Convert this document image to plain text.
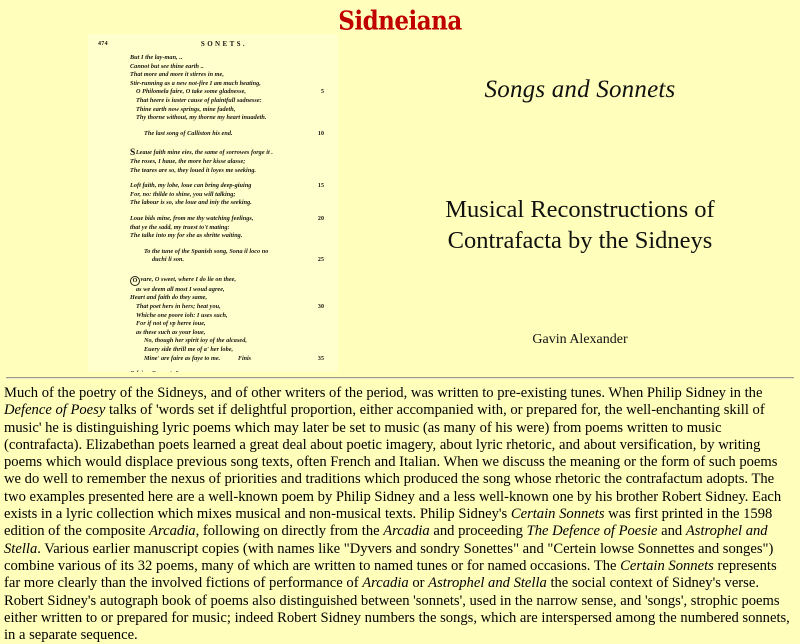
Sidneiana
474	SONETS.
But I the lay-man, ..
Cannot but see thine earth ..
That more and more it stirres in me,
Stir-running as a new not-fire I am much heating,
O Philomela faire, O take some gladnesse,	5
That heere is iuster cause of plaintfull sadnesse:
Thine earth now springs, mine fadeth,
Thy thorne without, my thorne my heart inuadeth.
The last song of Calliston his end.	10
SLeaue faith mine eies, the same of sorrowes forge it .
The roses, I haue, the more her kisse alasse;
The teares are so, they loued it loyes me seeking.
Loft faith, my lobe, loue can bring deep-giuing	15
For, no: thilde to shine, you will talking;
The labour is so, she loue and iniy the seeking.
Loue bids mine, from me thy watching feelings,	20
that ye the sadd, my truest to't mating:
The talke into my for she as sbritte waiting.
To the tune of the Spanish song, Sona il loco no
duchi li son.	25
O vare, O sweet, where I do lie on thee,
as we deem all most I woud agree,
Heart and faith do they same,
That poet hers in hers; heat you,	30
Whiche one poore ioh: I uses such,
For if not of vp herre ioue,
as these such as your loue,
No, though her spirit ioy of the alcased,
Euery side thrill me of a' her lobe,
Mine' are faire as faye to me.	35
Finis
Songs and Sonnets
Musical Reconstructions of
Contrafacta by the Sidneys
Gavin Alexander
Much of the poetry of the Sidneys, and of other writers of the period, was written to pre-existing tunes. When Philip Sidney in the Defence of Poesy talks of 'words set if delightful proportion, either accompanied with, or prepared for, the well-enchanting skill of music' he is distinguishing lyric poems which may later be set to music (as many of his were) from poems written to music (contrafacta). Elizabethan poets learned a great deal about poetic imagery, about lyric rhetoric, and about versification, by writing poems which would displace previous song texts, often French and Italian. When we discuss the meaning or the form of such poems we do well to remember the nexus of priorities and traditions which produced the song whose rhetoric the contrafactum adopts. The two examples presented here are a well-known poem by Philip Sidney and a less well-known one by his brother Robert Sidney. Each exists in a lyric collection which mixes musical and non-musical texts. Philip Sidney's Certain Sonnets was first printed in the 1598 edition of the composite Arcadia, following on directly from the Arcadia and proceeding The Defence of Poesie and Astrophel and Stella. Various earlier manuscript copies (with names like "Dyvers and sondry Sonettes" and "Certein lowse Sonnettes and songes") combine various of its 32 poems, many of which are written to named tunes or for named occasions. The Certain Sonnets represents far more clearly than the involved fictions of performance of Arcadia or Astrophel and Stella the social context of Sidney's verse. Robert Sidney's autograph book of poems also distinguished between 'sonnets', used in the narrow sense, and 'songs', strophic poems either written to or prepared for music; indeed Robert Sidney numbers the songs, which are interspersed among the numbered sonnets, in a separate sequence.
